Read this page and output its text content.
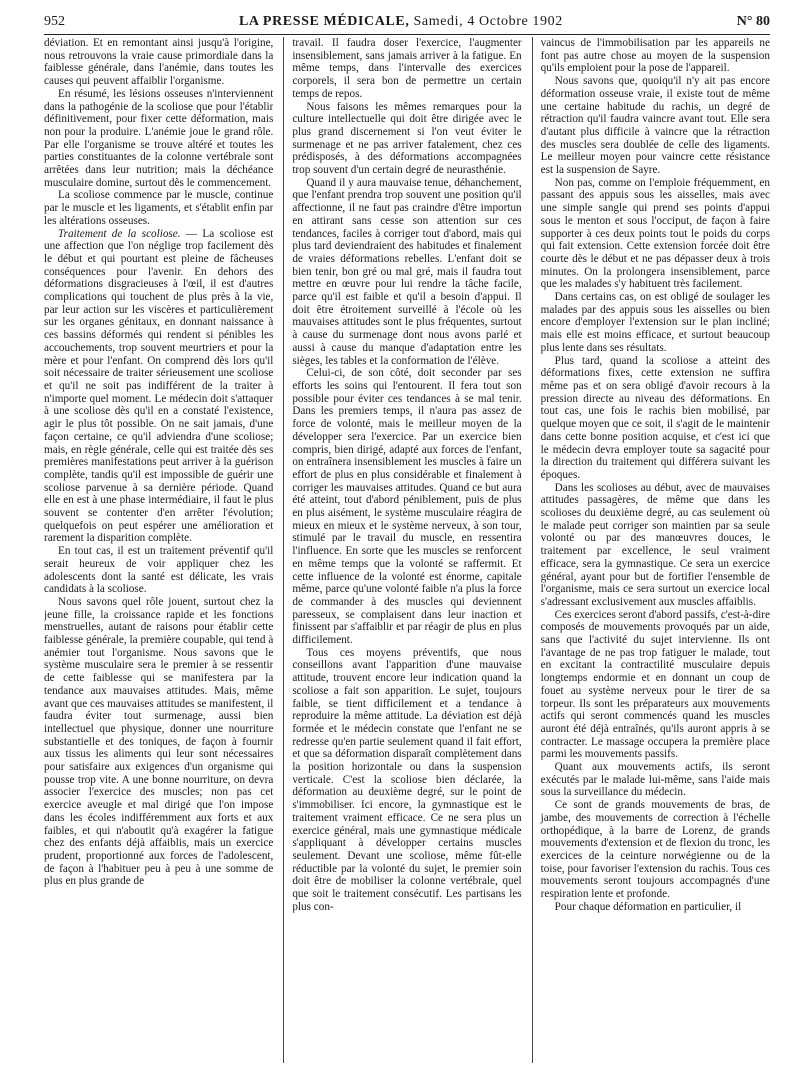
952	LA PRESSE MÉDICALE, Samedi, 4 Octobre 1902	N° 80

déviation. Et en remontant ainsi jusqu'à l'origine, nous retrouvons la vraie cause primordiale dans la faiblesse générale, dans l'anémie, dans toutes les causes qui peuvent affaiblir l'organisme.

En résumé, les lésions osseuses n'interviennent dans la pathogénie de la scoliose que pour l'établir définitivement, pour fixer cette déformation, mais non pour la produire. L'anémie joue le grand rôle. Par elle l'organisme se trouve altéré et toutes les parties constituantes de la colonne vertébrale sont arrêtées dans leur nutrition; mais la déchéance musculaire domine, surtout dès le commencement.

La scoliose commence par le muscle, continue par le muscle et les ligaments, et s'établit enfin par les altérations osseuses.

Traitement de la scoliose. — La scoliose est une affection que l'on néglige trop facilement dès le début et qui pourtant est pleine de fâcheuses conséquences pour l'avenir. En dehors des déformations disgracieuses à l'œil, il est d'autres complications qui touchent de plus près à la vie, par leur action sur les viscères et particulièrement sur les organes génitaux, en donnant naissance à ces bassins déformés qui rendent si pénibles les accouchements, trop souvent meurtriers et pour la mère et pour l'enfant. On comprend dès lors qu'il soit nécessaire de traiter sérieusement une scoliose et qu'il ne soit pas indifférent de la traiter à n'importe quel moment. Le médecin doit s'attaquer à une scoliose dès qu'il en a constaté l'existence, agir le plus tôt possible. On ne sait jamais, d'une façon certaine, ce qu'il adviendra d'une scoliose; mais, en règle générale, celle qui est traitée dès ses premières manifestations peut arriver à la guérison complète, tandis qu'il est impossible de guérir une scoliose parvenue à sa dernière période. Quand elle en est à une phase intermédiaire, il faut le plus souvent se contenter d'en arrêter l'évolution; quelquefois on peut espérer une amélioration et rarement la disparition complète.

En tout cas, il est un traitement préventif qu'il serait heureux de voir appliquer chez les adolescents dont la santé est délicate, les vrais candidats à la scoliose.

Nous savons quel rôle jouent, surtout chez la jeune fille, la croissance rapide et les fonctions menstruelles, autant de raisons pour établir cette faiblesse générale, la première coupable, qui tend à anémier tout l'organisme. Nous savons que le système musculaire sera le premier à se ressentir de cette faiblesse qui se manifestera par la tendance aux mauvaises attitudes. Mais, même avant que ces mauvaises attitudes se manifestent, il faudra éviter tout surmenage, aussi bien intellectuel que physique, donner une nourriture substantielle et des toniques, de façon à fournir aux tissus les aliments qui leur sont nécessaires pour satisfaire aux exigences d'un organisme qui pousse trop vite. A une bonne nourriture, on devra associer l'exercice des muscles; non pas cet exercice aveugle et mal dirigé que l'on impose dans les écoles indifféremment aux forts et aux faibles, et qui n'aboutit qu'à exagérer la fatigue chez des enfants déjà affaiblis, mais un exercice prudent, proportionné aux forces de l'adolescent, de façon à l'habituer peu à peu à une somme de plus en plus grande de

travail. Il faudra doser l'exercice, l'augmenter insensiblement, sans jamais arriver à la fatigue. En même temps, dans l'intervalle des exercices corporels, il sera bon de permettre un certain temps de repos.

Nous faisons les mêmes remarques pour la culture intellectuelle qui doit être dirigée avec le plus grand discernement si l'on veut éviter le surmenage et ne pas arriver fatalement, chez ces prédisposés, à des déformations accompagnées trop souvent d'un certain degré de neurasthénie.

Quand il y aura mauvaise tenue, déhanchement, que l'enfant prendra trop souvent une position qu'il affectionne, il ne faut pas craindre d'être importun en attirant sans cesse son attention sur ces tendances, faciles à corriger tout d'abord, mais qui plus tard deviendraient des habitudes et finalement de vraies déformations rebelles. L'enfant doit se bien tenir, bon gré ou mal gré, mais il faudra tout mettre en œuvre pour lui rendre la tâche facile, parce qu'il est faible et qu'il a besoin d'appui. Il doit être étroitement surveillé à l'école où les mauvaises attitudes sont le plus fréquentes, surtout à cause du surmenage dont nous avons parlé et aussi à cause du manque d'adaptation entre les sièges, les tables et la conformation de l'élève.

Celui-ci, de son côté, doit seconder par ses efforts les soins qui l'entourent. Il fera tout son possible pour éviter ces tendances à se mal tenir. Dans les premiers temps, il n'aura pas assez de force de volonté, mais le meilleur moyen de la développer sera l'exercice. Par un exercice bien compris, bien dirigé, adapté aux forces de l'enfant, on entraînera insensiblement les muscles à faire un effort de plus en plus considérable et finalement à corriger les mauvaises attitudes. Quand ce but aura été atteint, tout d'abord péniblement, puis de plus en plus aisément, le système musculaire réagira de mieux en mieux et le système nerveux, à son tour, stimulé par le travail du muscle, en ressentira l'influence. En sorte que les muscles se renforcent en même temps que la volonté se raffermit. Et cette influence de la volonté est énorme, capitale même, parce qu'une volonté faible n'a plus la force de commander à des muscles qui deviennent paresseux, se complaisent dans leur inaction et finissent par s'affaiblir et par réagir de plus en plus difficilement.

Tous ces moyens préventifs, que nous conseillons avant l'apparition d'une mauvaise attitude, trouvent encore leur indication quand la scoliose a fait son apparition. Le sujet, toujours faible, se tient difficilement et a tendance à reproduire la même attitude. La déviation est déjà formée et le médecin constate que l'enfant ne se redresse qu'en partie seulement quand il fait effort, et que sa déformation disparaît complètement dans la position horizontale ou dans la suspension verticale. C'est la scoliose bien déclarée, la déformation au deuxième degré, sur le point de s'immobiliser. Ici encore, la gymnastique est le traitement vraiment efficace. Ce ne sera plus un exercice général, mais une gymnastique médicale s'appliquant à développer certains muscles seulement. Devant une scoliose, même fût-elle réductible par la volonté du sujet, le premier soin doit être de mobiliser la colonne vertébrale, quel que soit le traitement consécutif. Les partisans les plus con-

vaincus de l'immobilisation par les appareils ne font pas autre chose au moyen de la suspension qu'ils emploient pour la pose de l'appareil.

Nous savons que, quoiqu'il n'y ait pas encore déformation osseuse vraie, il existe tout de même une certaine habitude du rachis, un degré de rétraction qu'il faudra vaincre avant tout. Elle sera d'autant plus difficile à vaincre que la rétraction des muscles sera doublée de celle des ligaments. Le meilleur moyen pour vaincre cette résistance est la suspension de Sayre.

Non pas, comme on l'emploie fréquemment, en passant des appuis sous les aisselles, mais avec une simple sangle qui prend ses points d'appui sous le menton et sous l'occiput, de façon à faire supporter à ces deux points tout le poids du corps qui fait extension. Cette extension forcée doit être courte dès le début et ne pas dépasser deux à trois minutes. On la prolongera insensiblement, parce que les malades s'y habituent très facilement.

Dans certains cas, on est obligé de soulager les malades par des appuis sous les aisselles ou bien encore d'employer l'extension sur le plan incliné; mais elle est moins efficace, et surtout beaucoup plus lente dans ses résultats.

Plus tard, quand la scoliose a atteint des déformations fixes, cette extension ne suffira même pas et on sera obligé d'avoir recours à la pression directe au niveau des déformations. En tout cas, une fois le rachis bien mobilisé, par quelque moyen que ce soit, il s'agit de le maintenir dans cette bonne position acquise, et c'est ici que le médecin devra employer toute sa sagacité pour la direction du traitement qui différera suivant les époques.

Dans les scolioses au début, avec de mauvaises attitudes passagères, de même que dans les scolioses du deuxième degré, au cas seulement où le malade peut corriger son maintien par sa seule volonté ou par des manœuvres douces, le traitement par excellence, le seul vraiment efficace, sera la gymnastique. Ce sera un exercice général, ayant pour but de fortifier l'ensemble de l'organisme, mais ce sera surtout un exercice local s'adressant exclusivement aux muscles affaiblis.

Ces exercices seront d'abord passifs, c'est-à-dire composés de mouvements provoqués par un aide, sans que l'activité du sujet intervienne. Ils ont l'avantage de ne pas trop fatiguer le malade, tout en excitant la contractilité musculaire depuis longtemps endormie et en donnant un coup de fouet au système nerveux pour le tirer de sa torpeur. Ils sont les préparateurs aux mouvements actifs qui seront commencés quand les muscles auront été déjà entraînés, qu'ils auront appris à se contracter. Le massage occupera la première place parmi les mouvements passifs.

Quant aux mouvements actifs, ils seront exécutés par le malade lui-même, sans l'aide mais sous la surveillance du médecin.

Ce sont de grands mouvements de bras, de jambe, des mouvements de correction à l'échelle orthopédique, à la barre de Lorenz, de grands mouvements d'extension et de flexion du tronc, les exercices de la ceinture norwégienne ou de la toise, pour favoriser l'extension du rachis. Tous ces mouvements seront toujours accompagnés d'une respiration lente et profonde.

Pour chaque déformation en particulier, il
